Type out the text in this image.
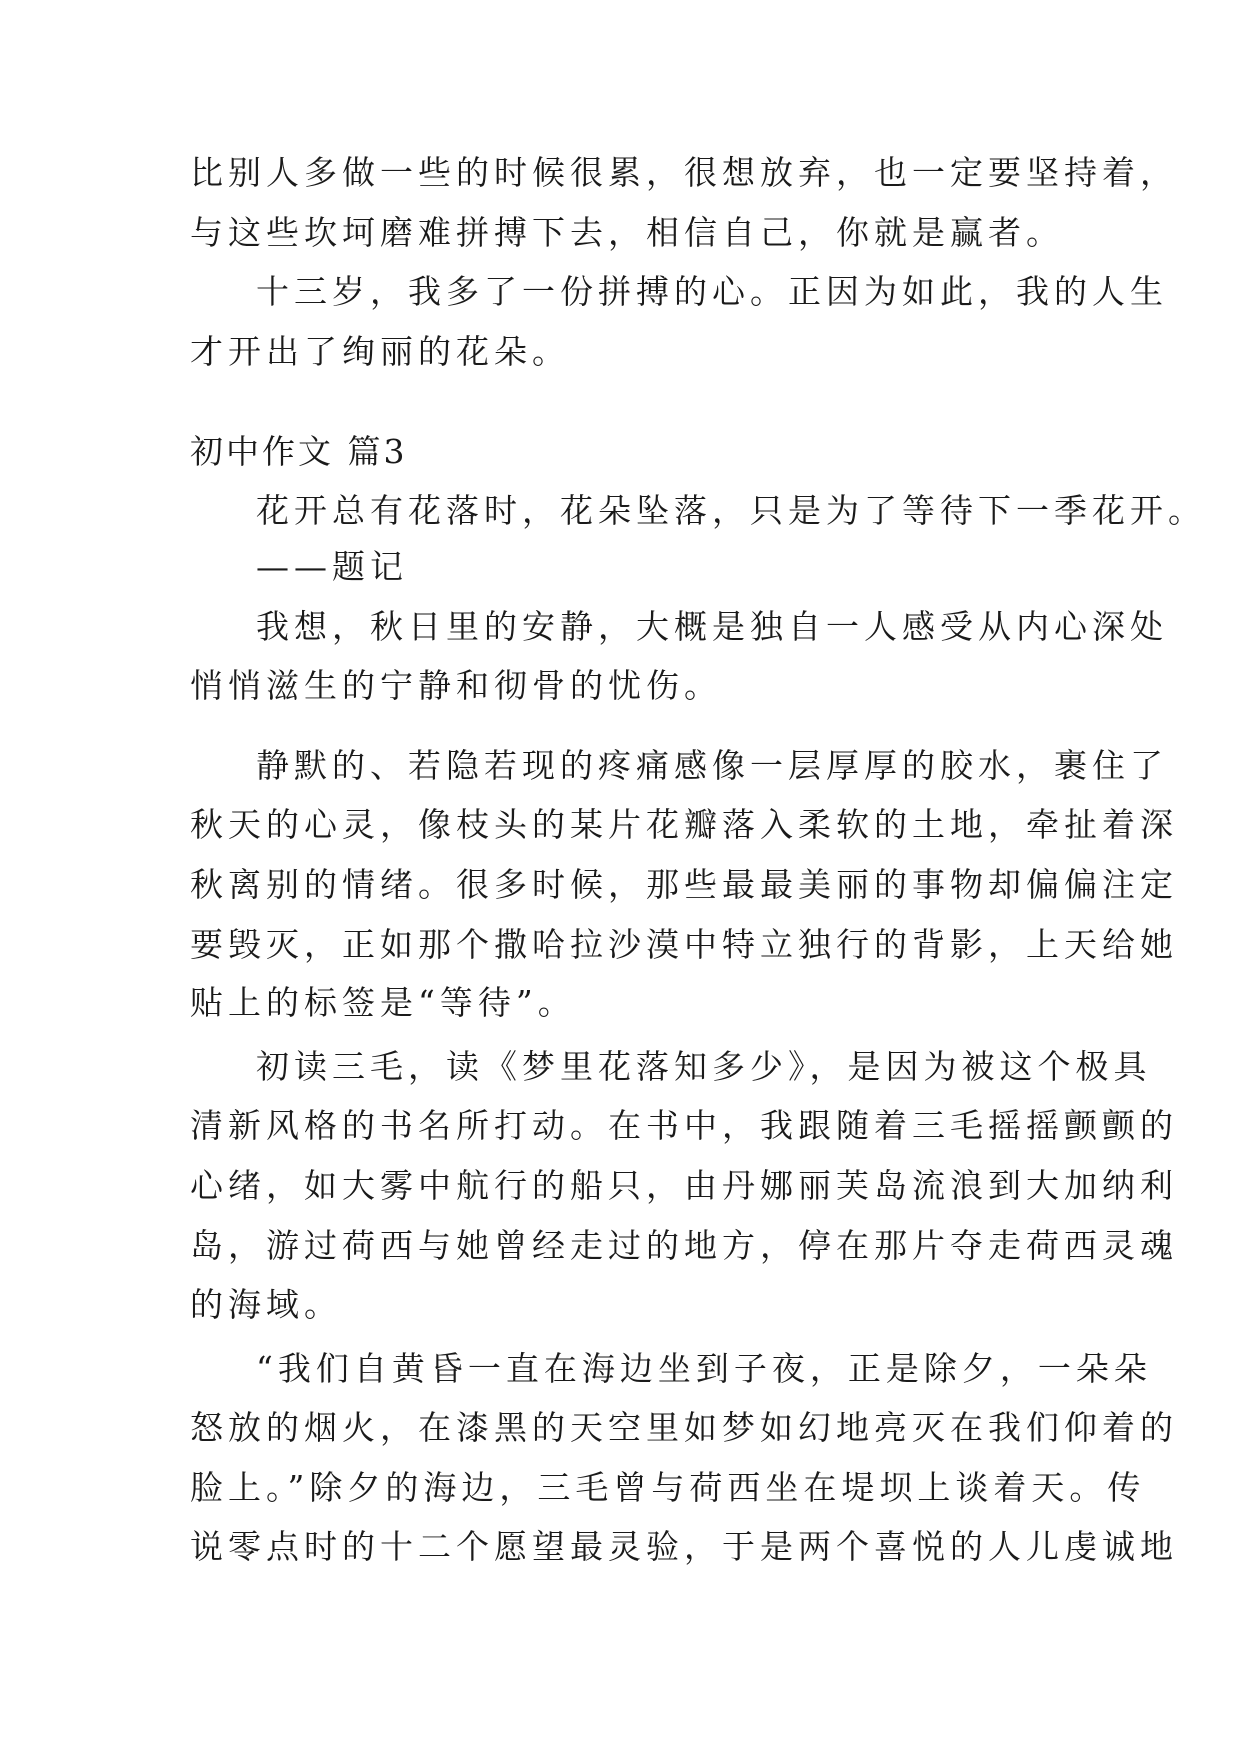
比别人多做一些的时候很累，很想放弃，也一定要坚持着，
与这些坎坷磨难拼搏下去，相信自己，你就是赢者。
十三岁，我多了一份拼搏的心。正因为如此，我的人生
才开出了绚丽的花朵。
初中作文 篇3
花开总有花落时，花朵坠落，只是为了等待下一季花开。
——题记
我想，秋日里的安静，大概是独自一人感受从内心深处
悄悄滋生的宁静和彻骨的忧伤。
静默的、若隐若现的疼痛感像一层厚厚的胶水，裹住了
秋天的心灵，像枝头的某片花瓣落入柔软的土地，牵扯着深
秋离别的情绪。很多时候，那些最最美丽的事物却偏偏注定
要毁灭，正如那个撒哈拉沙漠中特立独行的背影，上天给她
贴上的标签是“等待”。
初读三毛，读《梦里花落知多少》，是因为被这个极具
清新风格的书名所打动。在书中，我跟随着三毛摇摇颤颤的
心绪，如大雾中航行的船只，由丹娜丽芙岛流浪到大加纳利
岛，游过荷西与她曾经走过的地方，停在那片夺走荷西灵魂
的海域。
“我们自黄昏一直在海边坐到子夜，正是除夕，一朵朵
怒放的烟火，在漆黑的天空里如梦如幻地亮灭在我们仰着的
脸上。”除夕的海边，三毛曾与荷西坐在堤坝上谈着天。传
说零点时的十二个愿望最灵验，于是两个喜悦的人儿虔诚地
